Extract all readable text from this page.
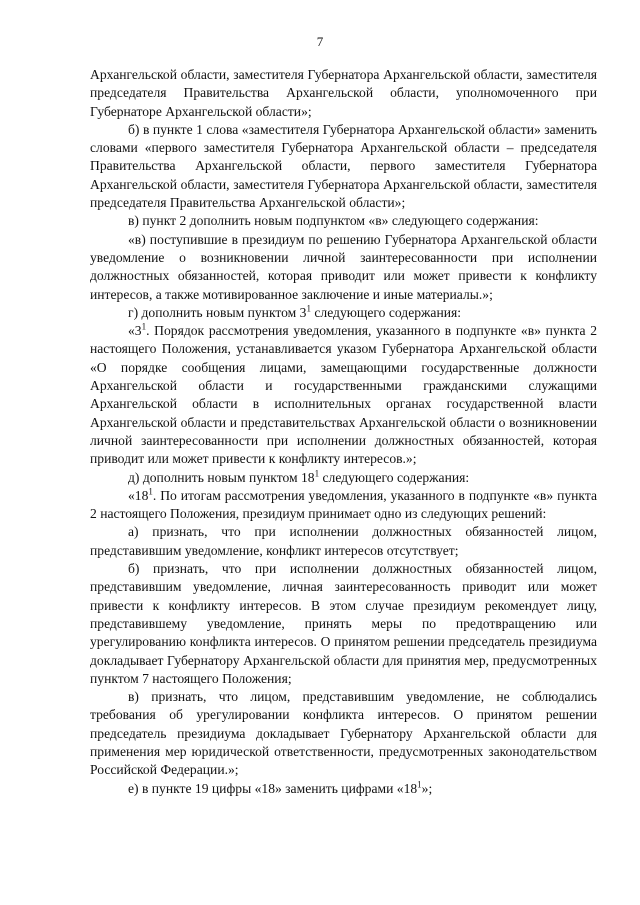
7

Архангельской области, заместителя Губернатора Архангельской области, заместителя председателя Правительства Архангельской области, уполномоченного при Губернаторе Архангельской области»;

б) в пункте 1 слова «заместителя Губернатора Архангельской области» заменить словами «первого заместителя Губернатора Архангельской области – председателя Правительства Архангельской области, первого заместителя Губернатора Архангельской области, заместителя Губернатора Архангельской области, заместителя председателя Правительства Архангельской области»;

в) пункт 2 дополнить новым подпунктом «в» следующего содержания:

«в) поступившие в президиум по решению Губернатора Архангельской области уведомление о возникновении личной заинтересованности при исполнении должностных обязанностей, которая приводит или может привести к конфликту интересов, а также мотивированное заключение и иные материалы.»;

г) дополнить новым пунктом $3^1$ следующего содержания:

«$3^1$. Порядок рассмотрения уведомления, указанного в подпункте «в» пункта 2 настоящего Положения, устанавливается указом Губернатора Архангельской области «О порядке сообщения лицами, замещающими государственные должности Архангельской области и государственными гражданскими служащими Архангельской области в исполнительных органах государственной власти Архангельской области и представительствах Архангельской области о возникновении личной заинтересованности при исполнении должностных обязанностей, которая приводит или может привести к конфликту интересов.»;

д) дополнить новым пунктом $18^1$ следующего содержания:

«$18^1$. По итогам рассмотрения уведомления, указанного в подпункте «в» пункта 2 настоящего Положения, президиум принимает одно из следующих решений:

а) признать, что при исполнении должностных обязанностей лицом, представившим уведомление, конфликт интересов отсутствует;

б) признать, что при исполнении должностных обязанностей лицом, представившим уведомление, личная заинтересованность приводит или может привести к конфликту интересов. В этом случае президиум рекомендует лицу, представившему уведомление, принять меры по предотвращению или урегулированию конфликта интересов. О принятом решении председатель президиума докладывает Губернатору Архангельской области для принятия мер, предусмотренных пунктом 7 настоящего Положения;

в) признать, что лицом, представившим уведомление, не соблюдались требования об урегулировании конфликта интересов. О принятом решении председатель президиума докладывает Губернатору Архангельской области для применения мер юридической ответственности, предусмотренных законодательством Российской Федерации.»;

е) в пункте 19 цифры «18» заменить цифрами «$18^1$»;
